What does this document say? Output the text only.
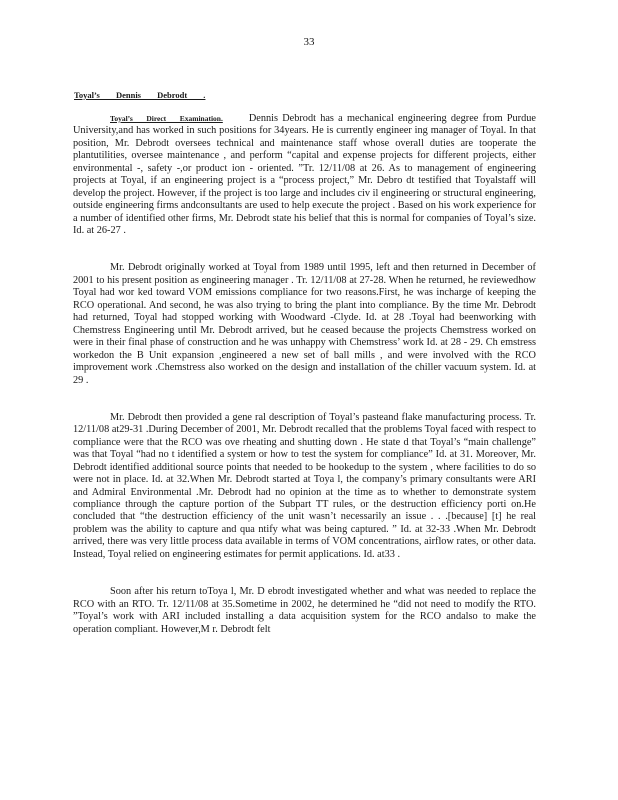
33
Toyal’s Dennis Debrodt .

Toyal’s Direct Examination.	Dennis Debrodt has a mechanical engineering degree from Purdue University,and has worked in such positions for 34years. He is currently engineer ing manager of Toyal. In that position, Mr. Debrodt oversees technical and maintenance staff whose overall duties are tooperate the plantutilities, oversee maintenance , and perform “capital and expense projects for different projects, either environmental -, safety -,or product ion - oriented. ”Tr. 12/11/08 at 26. As to management of engineering projects at Toyal, if an engineering project is a “process project,” Mr. Debro dt testified that Toyalstaff will develop the project. However, if the project is too large and includes civ il engineering or structural engineering, outside engineering firms andconsultants are used to help execute the project . Based on his work experience for a number of identified other firms, Mr. Debrodt state his belief that this is normal for companies of Toyal’s size. Id. at 26-27 .

Mr. Debrodt originally worked at Toyal from 1989 until 1995, left and then returned in December of 2001 to his present position as engineering manager . Tr. 12/11/08 at 27-28. When he returned, he reviewedhow Toyal had wor ked toward VOM emissions compliance for two reasons.First, he was incharge of keeping the RCO operational. And second, he was also trying to bring the plant into compliance. By the time Mr. Debrodt had returned, Toyal had stopped working with Woodward -Clyde. Id. at 28 .Toyal had beenworking with Chemstress Engineering until Mr. Debrodt arrived, but he ceased because the projects Chemstress worked on were in their final phase of construction and he was unhappy with Chemstress’ work Id. at 28 - 29. Ch emstress workedon the B Unit expansion ,engineered a new set of ball mills , and were involved with the RCO improvement work .Chemstress also worked on the design and installation of the chiller vacuum system. Id. at 29 .

Mr. Debrodt then provided a gene ral description of Toyal’s pasteand flake manufacturing process. Tr. 12/11/08 at29-31 .During December of 2001, Mr. Debrodt recalled that the problems Toyal faced with respect to compliance were that the RCO was ove rheating and shutting down . He state d that Toyal’s “main challenge” was that Toyal “had no t identified a system or how to test the system for compliance” Id. at 31. Moreover, Mr. Debrodt identified additional source points that needed to be hookedup to the system , where facilities to do so were not in place. Id. at 32.When Mr. Debrodt started at Toya l, the company’s primary consultants were ARI and Admiral Environmental .Mr. Debrodt had no opinion at the time as to whether to demonstrate system compliance through the capture portion of the Subpart TT rules, or the destruction efficiency porti on.He concluded that “the destruction efficiency of the unit wasn’t necessarily an issue . . .[because] [t] he real problem was the ability to capture and qua ntify what was being captured. ” Id. at 32-33 .When Mr. Debrodt arrived, there was very little process data available in terms of VOM concentrations, airflow rates, or other data. Instead, Toyal relied on engineering estimates for permit applications. Id. at33 .

Soon after his return toToya l, Mr. D ebrodt investigated whether and what was needed to replace the RCO with an RTO. Tr. 12/11/08 at 35.Sometime in 2002, he determined he “did not need to modify the RTO. ”Toyal’s work with ARI included installing a data acquisition system for the RCO andalso to make the operation compliant. However,M r. Debrodt felt
